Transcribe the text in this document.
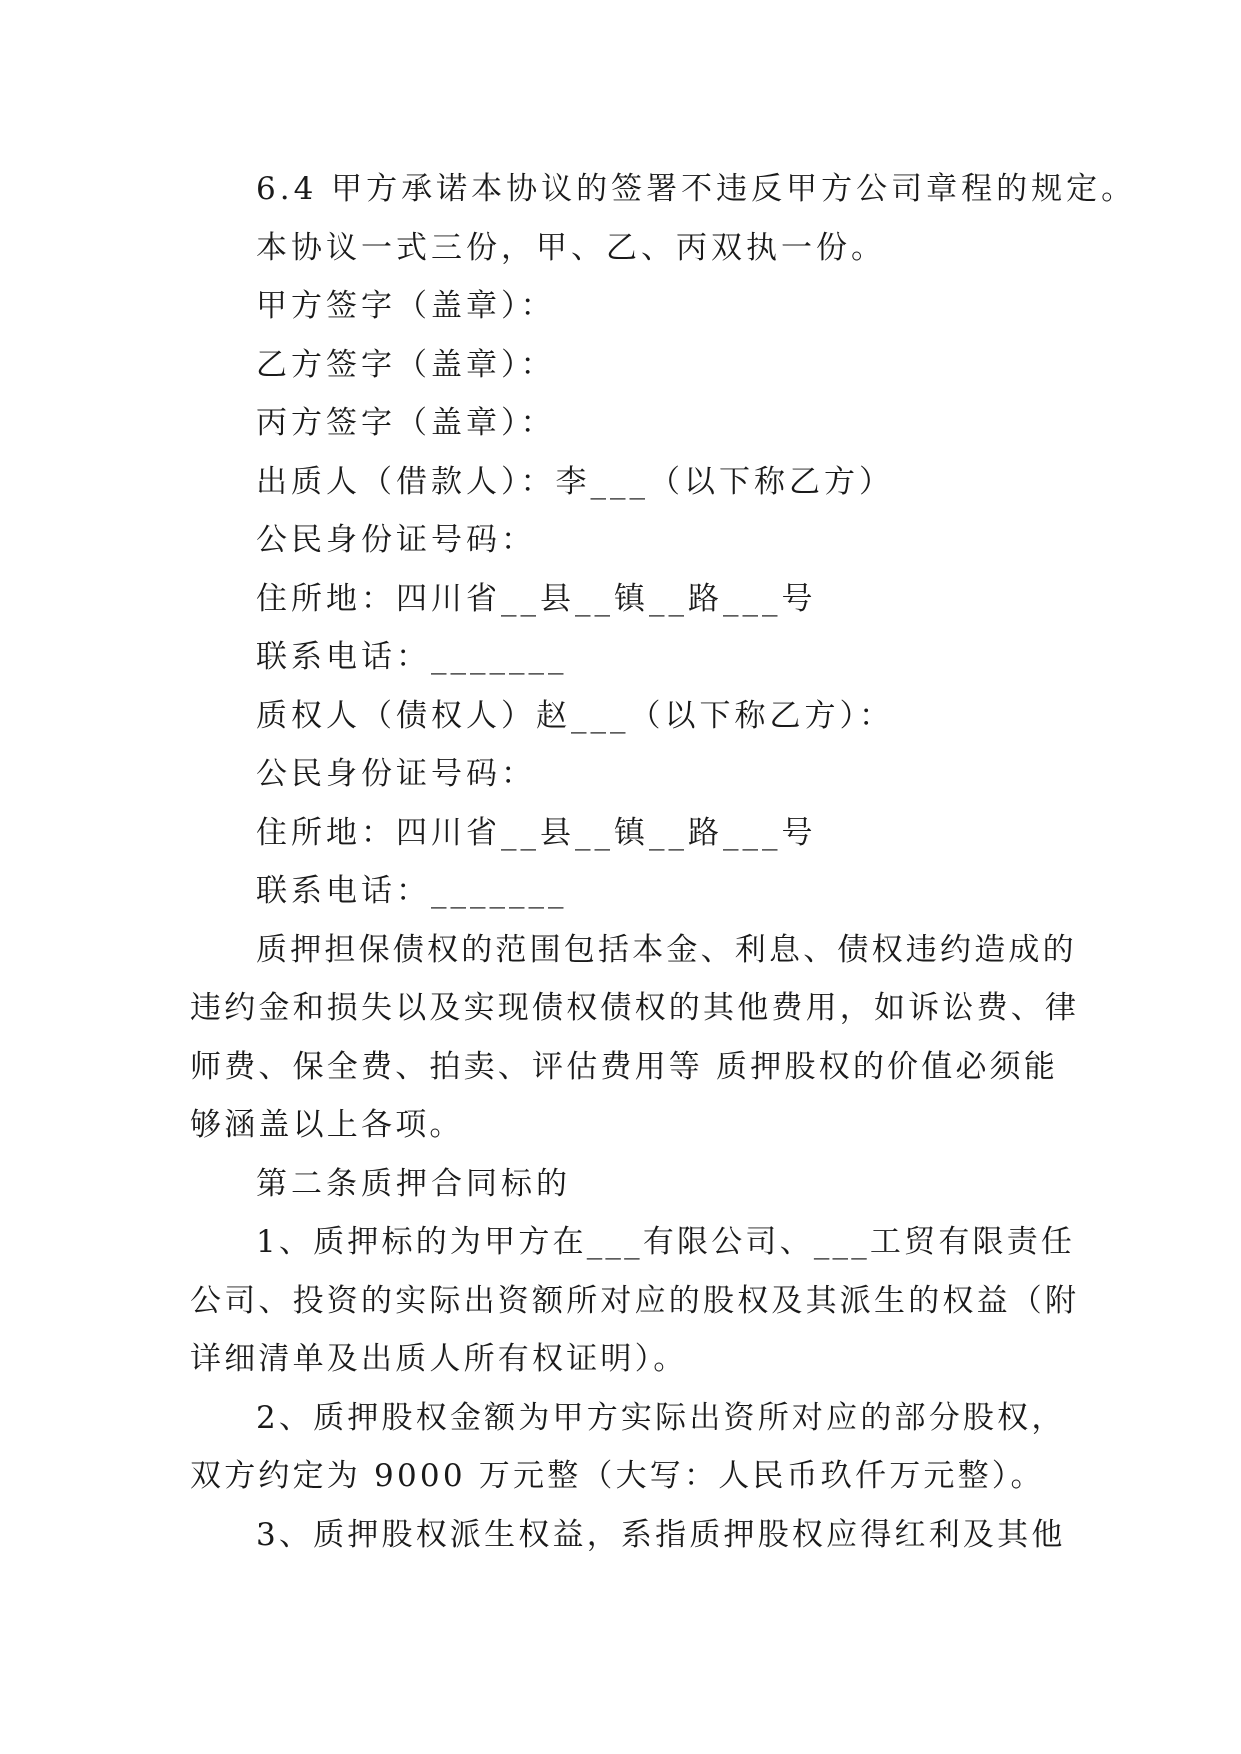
6.4 甲方承诺本协议的签署不违反甲方公司章程的规定。
本协议一式三份，甲、乙、丙双执一份。
甲方签字（盖章）：
乙方签字（盖章）：
丙方签字（盖章）：
出质人（借款人）：李___（以下称乙方）
公民身份证号码：
住所地：四川省__县__镇__路___号
联系电话：_______
质权人（债权人）赵___（以下称乙方）：
公民身份证号码：
住所地：四川省__县__镇__路___号
联系电话：_______
质押担保债权的范围包括本金、利息、债权违约造成的
违约金和损失以及实现债权债权的其他费用，如诉讼费、律
师费、保全费、拍卖、评估费用等 质押股权的价值必须能
够涵盖以上各项。
第二条质押合同标的
1、质押标的为甲方在___有限公司、___工贸有限责任
公司、投资的实际出资额所对应的股权及其派生的权益（附
详细清单及出质人所有权证明）。
2、质押股权金额为甲方实际出资所对应的部分股权，
双方约定为 9000 万元整（大写：人民币玖仟万元整）。
3、质押股权派生权益，系指质押股权应得红利及其他
